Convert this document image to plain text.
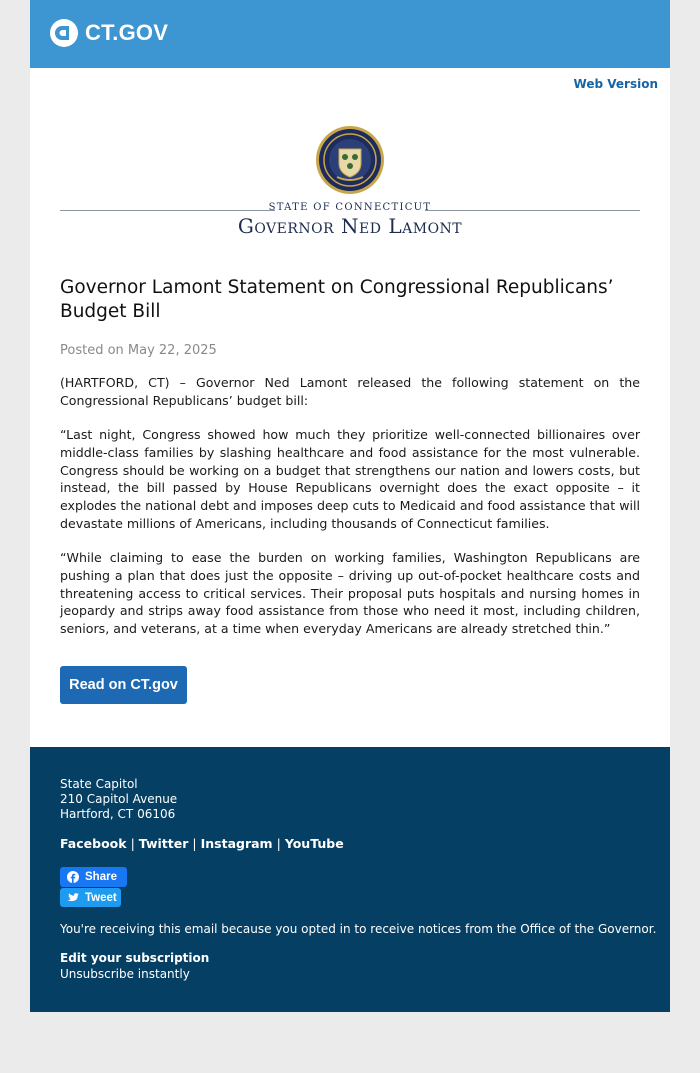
CT.GOV
Web Version
STATE OF CONNECTICUT
Governor Ned Lamont
Governor Lamont Statement on Congressional Republicans’ Budget Bill
Posted on May 22, 2025
(HARTFORD, CT) – Governor Ned Lamont released the following statement on the Congressional Republicans’ budget bill:
“Last night, Congress showed how much they prioritize well-connected billionaires over middle-class families by slashing healthcare and food assistance for the most vulnerable. Congress should be working on a budget that strengthens our nation and lowers costs, but instead, the bill passed by House Republicans overnight does the exact opposite – it explodes the national debt and imposes deep cuts to Medicaid and food assistance that will devastate millions of Americans, including thousands of Connecticut families.
“While claiming to ease the burden on working families, Washington Republicans are pushing a plan that does just the opposite – driving up out-of-pocket healthcare costs and threatening access to critical services. Their proposal puts hospitals and nursing homes in jeopardy and strips away food assistance from those who need it most, including children, seniors, and veterans, at a time when everyday Americans are already stretched thin.”
Read on CT.gov
State Capitol
210 Capitol Avenue
Hartford, CT 06106
Facebook | Twitter | Instagram | YouTube
Share
Tweet
You're receiving this email because you opted in to receive notices from the Office of the Governor.
Edit your subscription
Unsubscribe instantly
